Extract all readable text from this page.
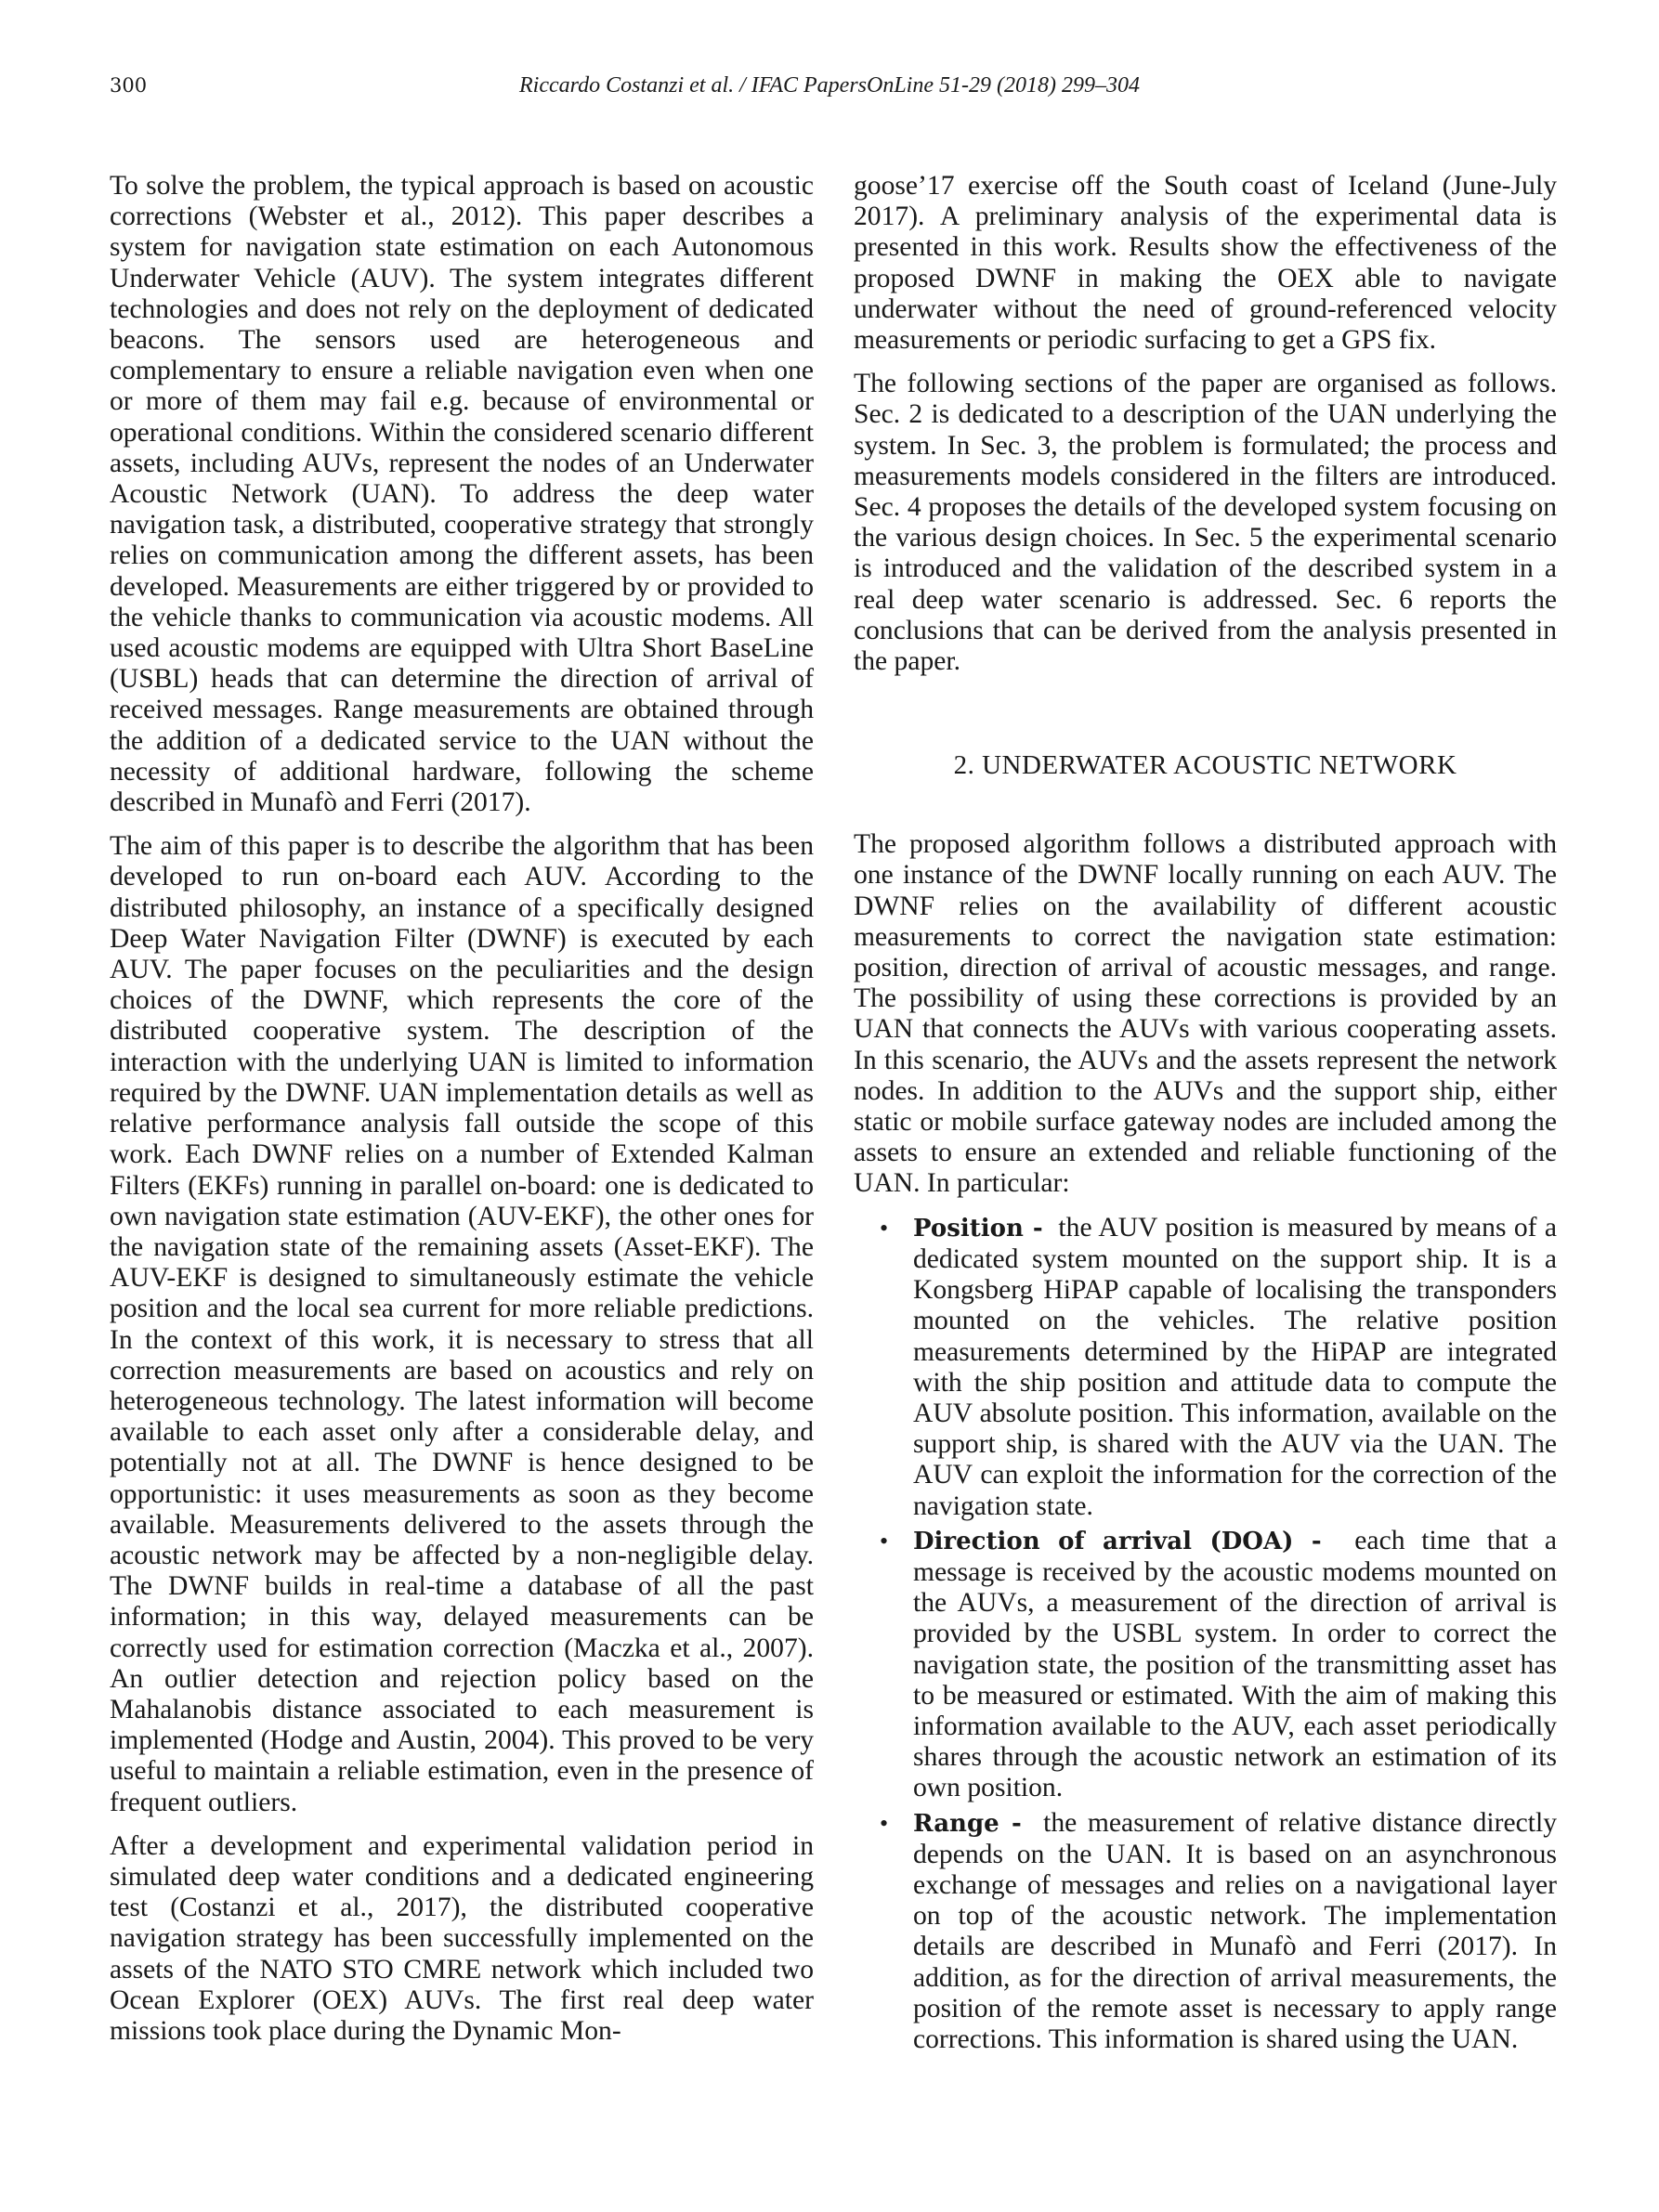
300	Riccardo Costanzi et al. / IFAC PapersOnLine 51-29 (2018) 299–304

To solve the problem, the typical approach is based on acoustic corrections (Webster et al., 2012). This paper describes a system for navigation state estimation on each Autonomous Underwater Vehicle (AUV). The system integrates different technologies and does not rely on the deployment of dedicated beacons. The sensors used are heterogeneous and complementary to ensure a reliable navigation even when one or more of them may fail e.g. because of environmental or operational conditions. Within the considered scenario different assets, including AUVs, represent the nodes of an Underwater Acoustic Network (UAN). To address the deep water navigation task, a distributed, cooperative strategy that strongly relies on communication among the different assets, has been developed. Measurements are either triggered by or provided to the vehicle thanks to communication via acoustic modems. All used acoustic modems are equipped with Ultra Short BaseLine (USBL) heads that can determine the direction of arrival of received messages. Range measurements are obtained through the addition of a dedicated service to the UAN without the necessity of additional hardware, following the scheme described in Munafò and Ferri (2017).

The aim of this paper is to describe the algorithm that has been developed to run on-board each AUV. According to the distributed philosophy, an instance of a specifically designed Deep Water Navigation Filter (DWNF) is executed by each AUV. The paper focuses on the peculiarities and the design choices of the DWNF, which represents the core of the distributed cooperative system. The description of the interaction with the underlying UAN is limited to information required by the DWNF. UAN implementation details as well as relative performance analysis fall outside the scope of this work. Each DWNF relies on a number of Extended Kalman Filters (EKFs) running in parallel on-board: one is dedicated to own navigation state estimation (AUV-EKF), the other ones for the navigation state of the remaining assets (Asset-EKF). The AUV-EKF is designed to simultaneously estimate the vehicle position and the local sea current for more reliable predictions. In the context of this work, it is necessary to stress that all correction measurements are based on acoustics and rely on heterogeneous technology. The latest information will become available to each asset only after a considerable delay, and potentially not at all. The DWNF is hence designed to be opportunistic: it uses measurements as soon as they become available. Measurements delivered to the assets through the acoustic network may be affected by a non-negligible delay. The DWNF builds in real-time a database of all the past information; in this way, delayed measurements can be correctly used for estimation correction (Maczka et al., 2007). An outlier detection and rejection policy based on the Mahalanobis distance associated to each measurement is implemented (Hodge and Austin, 2004). This proved to be very useful to maintain a reliable estimation, even in the presence of frequent outliers.

After a development and experimental validation period in simulated deep water conditions and a dedicated engineering test (Costanzi et al., 2017), the distributed cooperative navigation strategy has been successfully implemented on the assets of the NATO STO CMRE network which included two Ocean Explorer (OEX) AUVs. The first real deep water missions took place during the Dynamic Mon-

goose’17 exercise off the South coast of Iceland (June-July 2017). A preliminary analysis of the experimental data is presented in this work. Results show the effectiveness of the proposed DWNF in making the OEX able to navigate underwater without the need of ground-referenced velocity measurements or periodic surfacing to get a GPS fix.

The following sections of the paper are organised as follows. Sec. 2 is dedicated to a description of the UAN underlying the system. In Sec. 3, the problem is formulated; the process and measurements models considered in the filters are introduced. Sec. 4 proposes the details of the developed system focusing on the various design choices. In Sec. 5 the experimental scenario is introduced and the validation of the described system in a real deep water scenario is addressed. Sec. 6 reports the conclusions that can be derived from the analysis presented in the paper.

2. UNDERWATER ACOUSTIC NETWORK

The proposed algorithm follows a distributed approach with one instance of the DWNF locally running on each AUV. The DWNF relies on the availability of different acoustic measurements to correct the navigation state estimation: position, direction of arrival of acoustic messages, and range. The possibility of using these corrections is provided by an UAN that connects the AUVs with various cooperating assets. In this scenario, the AUVs and the assets represent the network nodes. In addition to the AUVs and the support ship, either static or mobile surface gateway nodes are included among the assets to ensure an extended and reliable functioning of the UAN. In particular:

• Position - the AUV position is measured by means of a dedicated system mounted on the support ship. It is a Kongsberg HiPAP capable of localising the transponders mounted on the vehicles. The relative position measurements determined by the HiPAP are integrated with the ship position and attitude data to compute the AUV absolute position. This information, available on the support ship, is shared with the AUV via the UAN. The AUV can exploit the information for the correction of the navigation state.
• Direction of arrival (DOA) - each time that a message is received by the acoustic modems mounted on the AUVs, a measurement of the direction of arrival is provided by the USBL system. In order to correct the navigation state, the position of the transmitting asset has to be measured or estimated. With the aim of making this information available to the AUV, each asset periodically shares through the acoustic network an estimation of its own position.
• Range - the measurement of relative distance directly depends on the UAN. It is based on an asynchronous exchange of messages and relies on a navigational layer on top of the acoustic network. The implementation details are described in Munafò and Ferri (2017). In addition, as for the direction of arrival measurements, the position of the remote asset is necessary to apply range corrections. This information is shared using the UAN.
